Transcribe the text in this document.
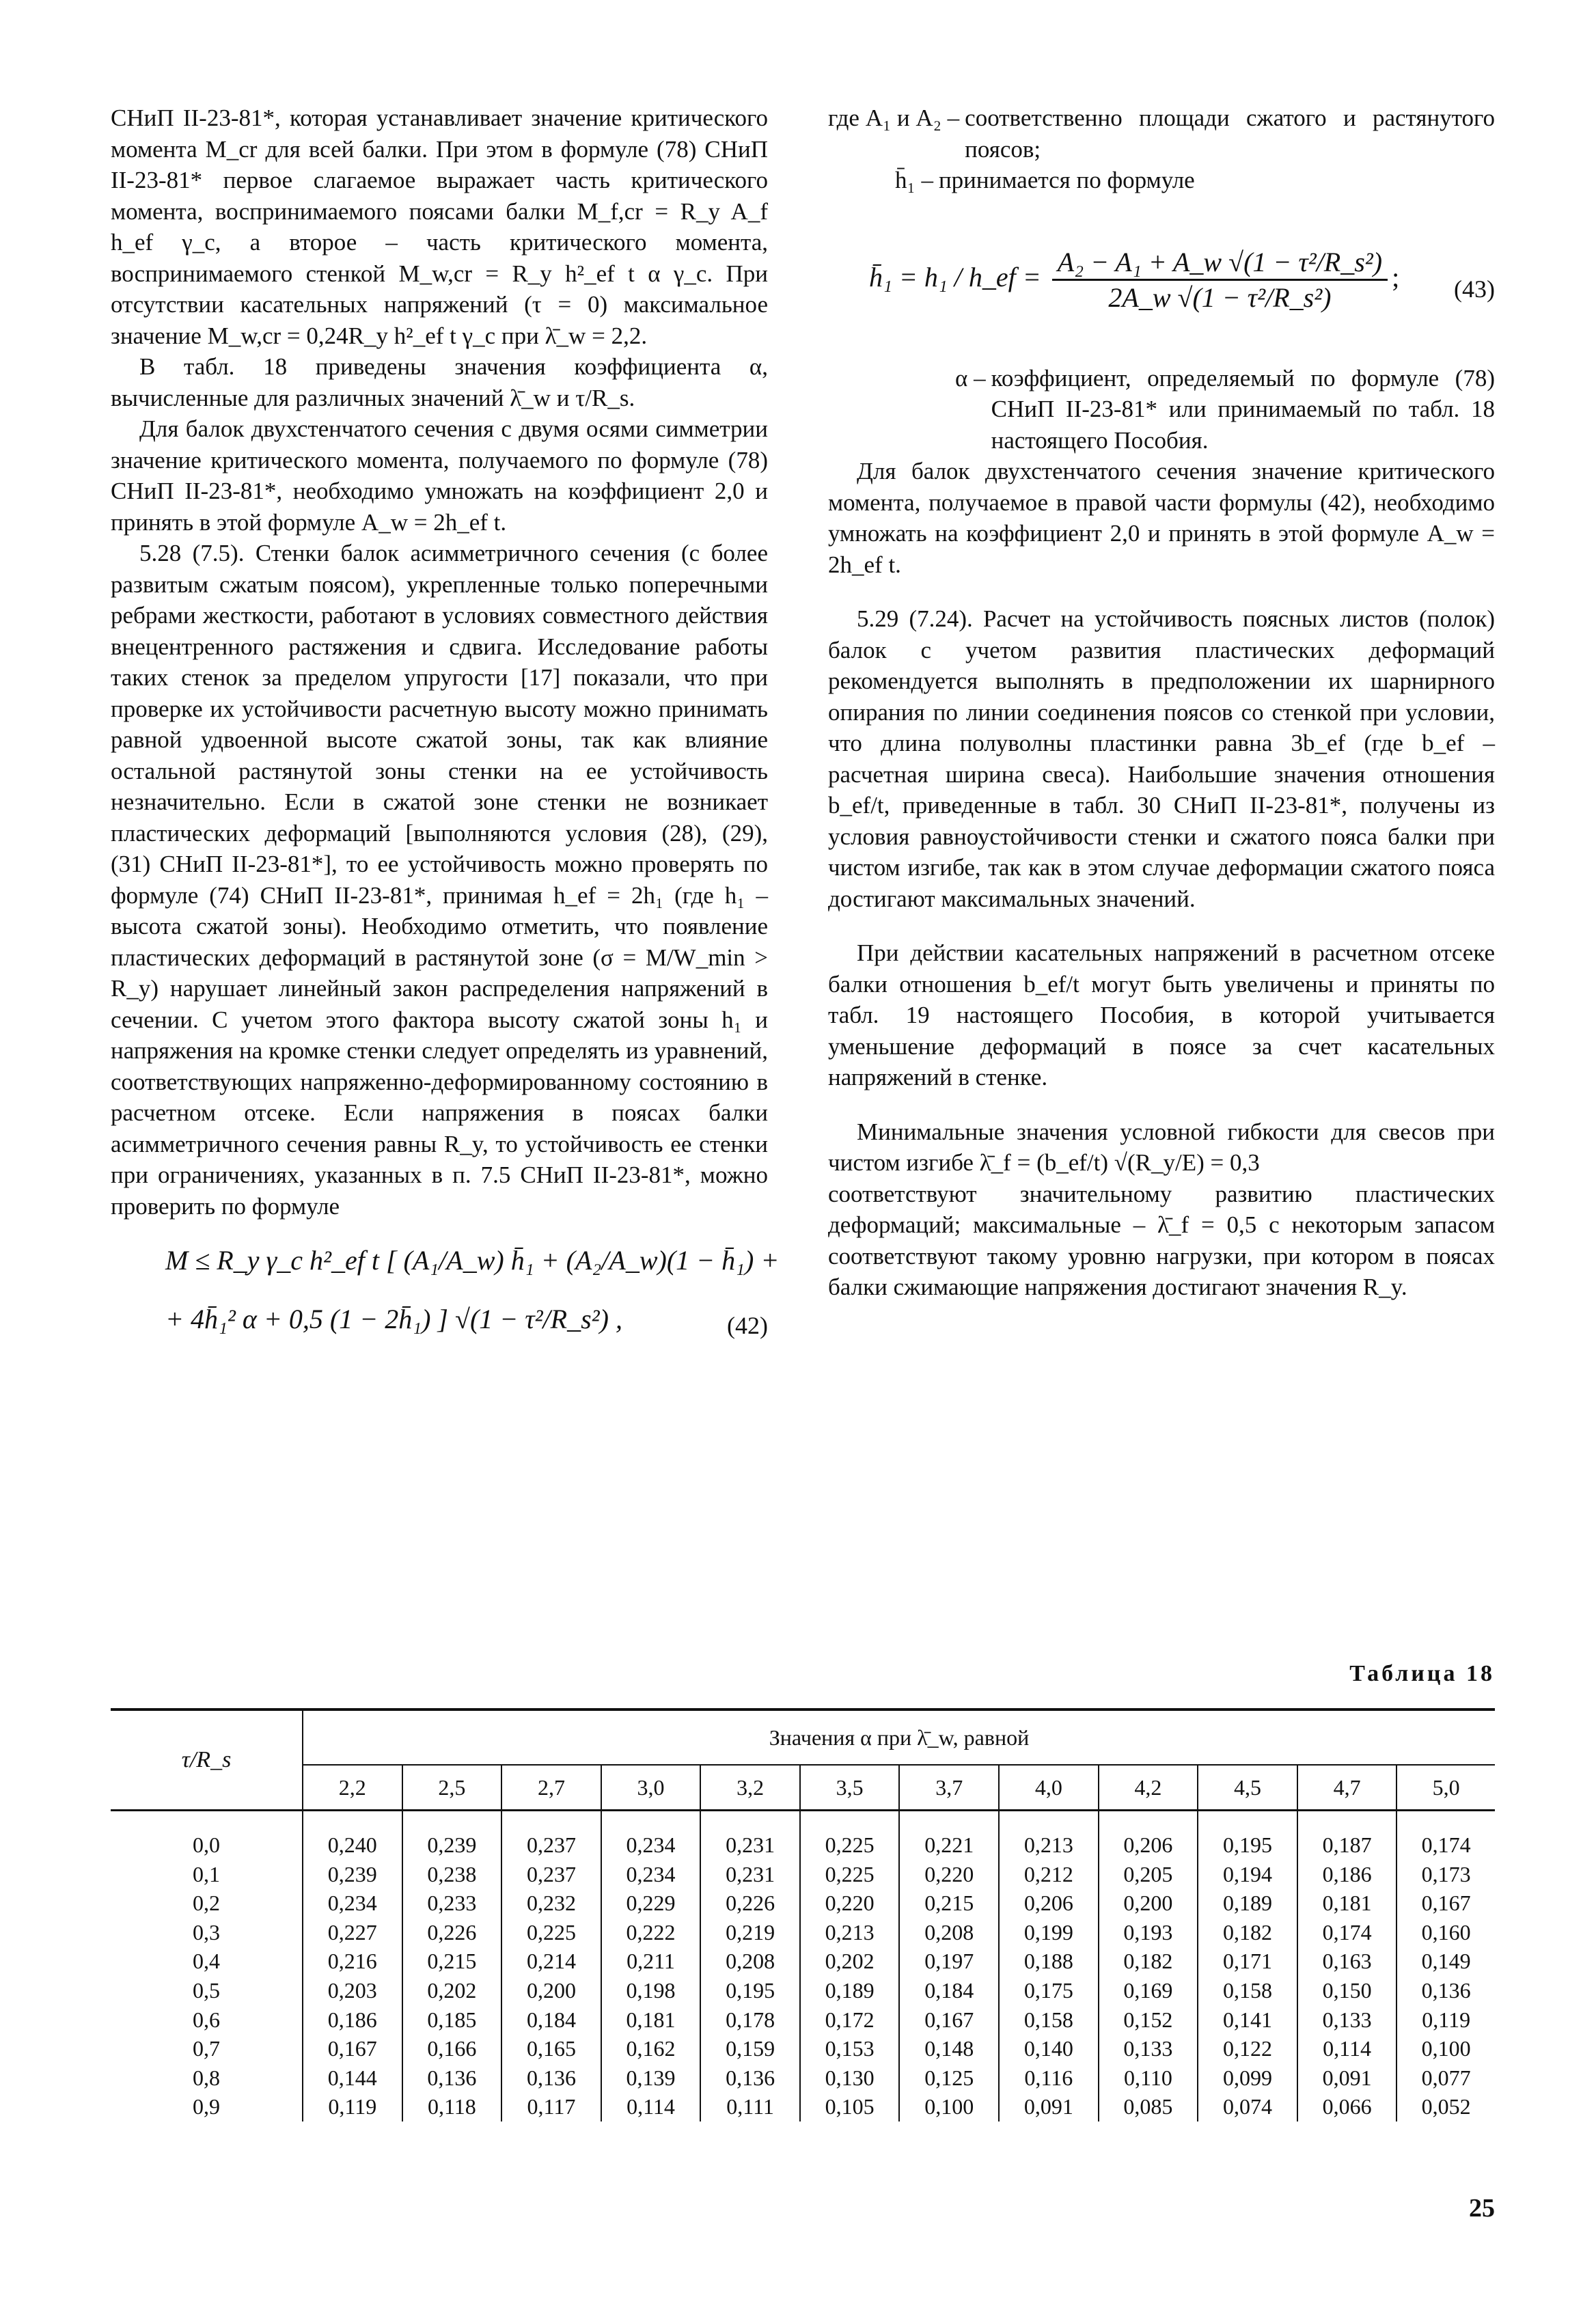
СНиП II-23-81*, которая устанавливает значение критического момента M_cr для всей балки. При этом в формуле (78) СНиП II-23-81* первое слагаемое выражает часть критического момента, воспринимаемого поясами балки M_f,cr = R_y A_f h_ef γ_c, а второе – часть критического момента, воспринимаемого стенкой M_w,cr = R_y h²_ef t α γ_c. При отсутствии касательных напряжений (τ = 0) максимальное значение M_w,cr = 0,24R_y h²_ef t γ_c при λ̄_w = 2,2.

В табл. 18 приведены значения коэффициента α, вычисленные для различных значений λ̄_w и τ/R_s.

Для балок двухстенчатого сечения с двумя осями симметрии значение критического момента, получаемого по формуле (78) СНиП II-23-81*, необходимо умножать на коэффициент 2,0 и принять в этой формуле A_w = 2h_ef t.

5.28 (7.5). Стенки балок асимметричного сечения (с более развитым сжатым поясом), укрепленные только поперечными ребрами жесткости, работают в условиях совместного действия внецентренного растяжения и сдвига. Исследование работы таких стенок за пределом упругости [17] показали, что при проверке их устойчивости расчетную высоту можно принимать равной удвоенной высоте сжатой зоны, так как влияние остальной растянутой зоны стенки на ее устойчивость незначительно. Если в сжатой зоне стенки не возникает пластических деформаций [выполняются условия (28), (29), (31) СНиП II-23-81*], то ее устойчивость можно проверять по формуле (74) СНиП II-23-81*, принимая h_ef = 2h₁ (где h₁ – высота сжатой зоны). Необходимо отметить, что появление пластических деформаций в растянутой зоне (σ = M/W_min > R_y) нарушает линейный закон распределения напряжений в сечении. С учетом этого фактора высоту сжатой зоны h₁ и напряжения на кромке стенки следует определять из уравнений, соответствующих напряженно-деформированному состоянию в расчетном отсеке. Если напряжения в поясах балки асимметричного сечения равны R_y, то устойчивость ее стенки при ограничениях, указанных в п. 7.5 СНиП II-23-81*, можно проверить по формуле

M ≤ R_y γ_c h²_ef t [ (A₁/A_w) h̄₁ + (A₂/A_w)(1 − h̄₁) +
+ 4h̄₁² α + 0,5 (1 − 2h̄₁) ] √(1 − τ²/R_s²) ,	(42)
где A₁ и A₂ – соответственно площади сжатого и растянутого поясов;
h̄₁ – принимается по формуле
h̄₁ = h₁ / h_ef = $\frac{\text{A₂ − A₁ + A\_w √(1 − τ²/R\_s²)}}{\text{2A\_w √(1 − τ²/R\_s²)}}$ ; (43)
α – коэффициент, определяемый по формуле (78) СНиП II-23-81* или принимаемый по табл. 18 настоящего Пособия.

Для балок двухстенчатого сечения значение критического момента, получаемое в правой части формулы (42), необходимо умножать на коэффициент 2,0 и принять в этой формуле A_w = 2h_ef t.

5.29 (7.24). Расчет на устойчивость поясных листов (полок) балок с учетом развития пластических деформаций рекомендуется выполнять в предположении их шарнирного опирания по линии соединения поясов со стенкой при условии, что длина полуволны пластинки равна 3b_ef (где b_ef – расчетная ширина свеса). Наибольшие значения отношения b_ef/t, приведенные в табл. 30 СНиП II-23-81*, получены из условия равноустойчивости стенки и сжатого пояса балки при чистом изгибе, так как в этом случае деформации сжатого пояса достигают максимальных значений.

При действии касательных напряжений в расчетном отсеке балки отношения b_ef/t могут быть увеличены и приняты по табл. 19 настоящего Пособия, в которой учитывается уменьшение деформаций в поясе за счет касательных напряжений в стенке.

Минимальные значения условной гибкости для свесов при чистом изгибе λ̄_f = (b_ef/t) √(R_y/E) = 0,3

соответствуют значительному развитию пластических деформаций; максимальные – λ̄_f = 0,5 с некоторым запасом соответствуют такому уровню нагрузки, при котором в поясах балки сжимающие напряжения достигают значения R_y.

Таблица 18
τ/R_s	Значения α при λ̄_w, равной											
	2,2	2,5	2,7	3,0	3,2	3,5	3,7	4,0	4,2	4,5	4,7	5,0
0,0	0,240	0,239	0,237	0,234	0,231	0,225	0,221	0,213	0,206	0,195	0,187	0,174
0,1	0,239	0,238	0,237	0,234	0,231	0,225	0,220	0,212	0,205	0,194	0,186	0,173
0,2	0,234	0,233	0,232	0,229	0,226	0,220	0,215	0,206	0,200	0,189	0,181	0,167
0,3	0,227	0,226	0,225	0,222	0,219	0,213	0,208	0,199	0,193	0,182	0,174	0,160
0,4	0,216	0,215	0,214	0,211	0,208	0,202	0,197	0,188	0,182	0,171	0,163	0,149
0,5	0,203	0,202	0,200	0,198	0,195	0,189	0,184	0,175	0,169	0,158	0,150	0,136
0,6	0,186	0,185	0,184	0,181	0,178	0,172	0,167	0,158	0,152	0,141	0,133	0,119
0,7	0,167	0,166	0,165	0,162	0,159	0,153	0,148	0,140	0,133	0,122	0,114	0,100
0,8	0,144	0,136	0,136	0,139	0,136	0,130	0,125	0,116	0,110	0,099	0,091	0,077
0,9	0,119	0,118	0,117	0,114	0,111	0,105	0,100	0,091	0,085	0,074	0,066	0,052
25
